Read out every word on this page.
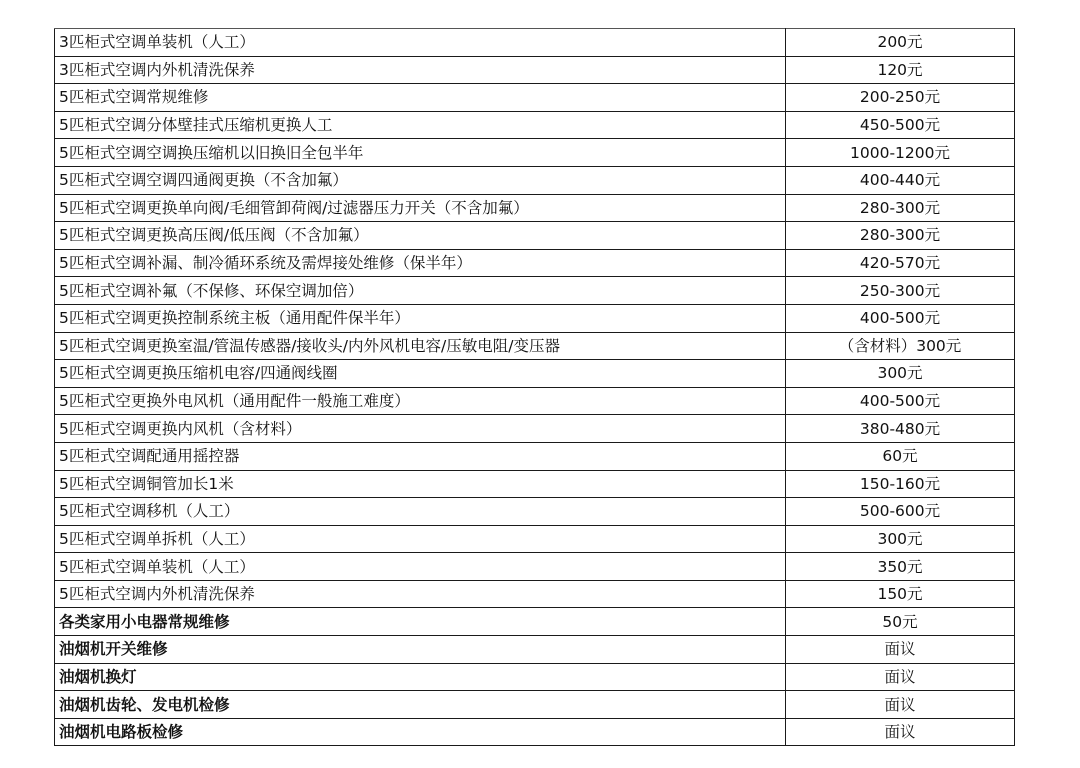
3匹柜式空调单装机（人工）	200元
3匹柜式空调内外机清洗保养	120元
5匹柜式空调常规维修	200-250元
5匹柜式空调分体壁挂式压缩机更换人工	450-500元
5匹柜式空调空调换压缩机以旧换旧全包半年	1000-1200元
5匹柜式空调空调四通阀更换（不含加氟）	400-440元
5匹柜式空调更换单向阀/毛细管卸荷阀/过滤器压力开关（不含加氟）	280-300元
5匹柜式空调更换高压阀/低压阀（不含加氟）	280-300元
5匹柜式空调补漏、制冷循环系统及需焊接处维修（保半年）	420-570元
5匹柜式空调补氟（不保修、环保空调加倍）	250-300元
5匹柜式空调更换控制系统主板（通用配件保半年）	400-500元
5匹柜式空调更换室温/管温传感器/接收头/内外风机电容/压敏电阻/变压器	（含材料）300元
5匹柜式空调更换压缩机电容/四通阀线圈	300元
5匹柜式空更换外电风机（通用配件一般施工难度）	400-500元
5匹柜式空调更换内风机（含材料）	380-480元
5匹柜式空调配通用摇控器	60元
5匹柜式空调铜管加长1米	150-160元
5匹柜式空调移机（人工）	500-600元
5匹柜式空调单拆机（人工）	300元
5匹柜式空调单装机（人工）	350元
5匹柜式空调内外机清洗保养	150元
各类家用小电器常规维修	50元
油烟机开关维修	面议
油烟机换灯	面议
油烟机齿轮、发电机检修	面议
油烟机电路板检修	面议
